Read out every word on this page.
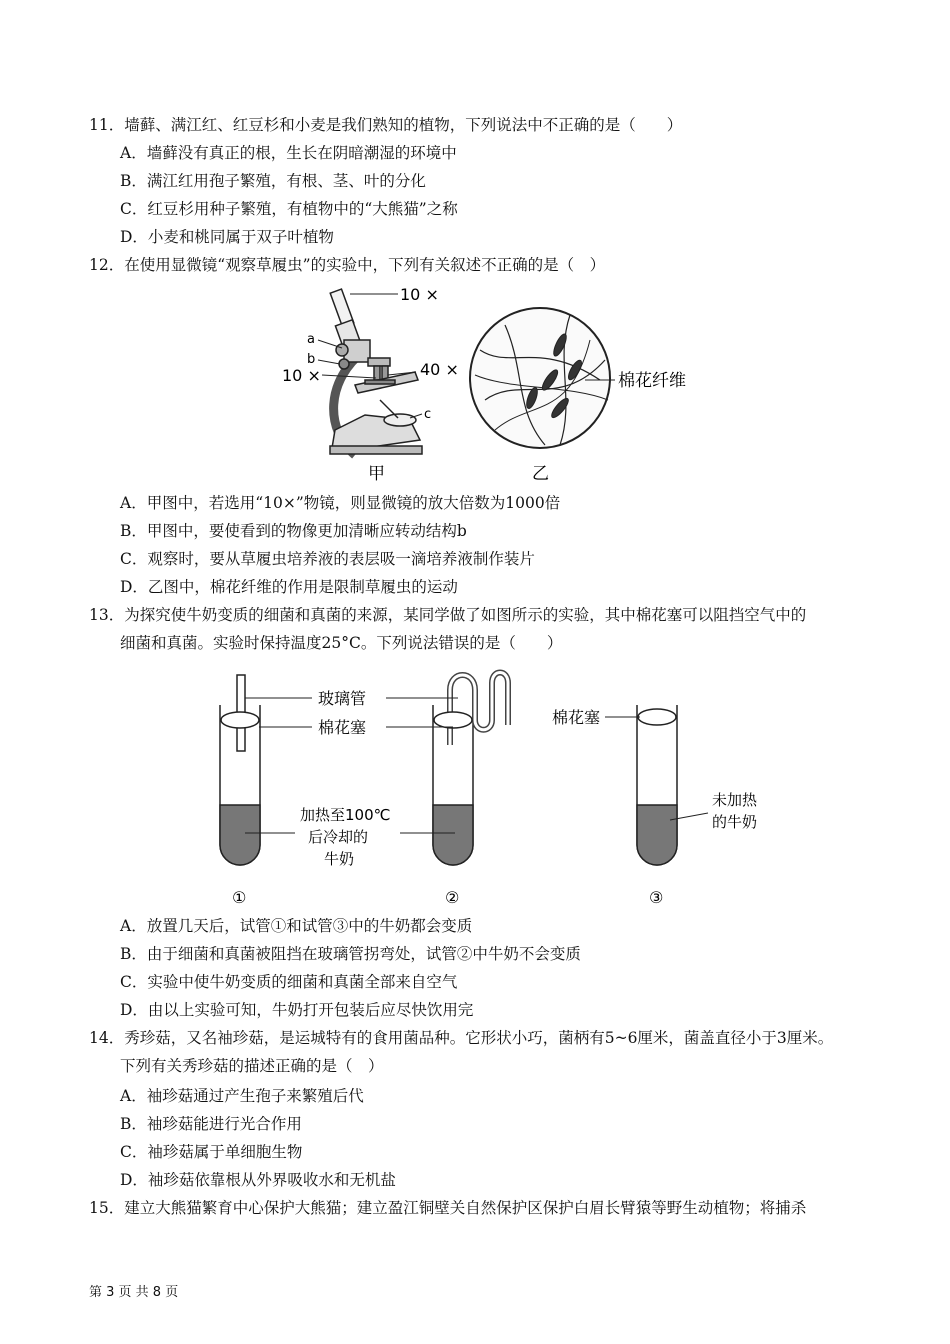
11．墙藓、满江红、红豆杉和小麦是我们熟知的植物，下列说法中不正确的是（　　）
A．墙藓没有真正的根，生长在阴暗潮湿的环境中
B．满江红用孢子繁殖，有根、茎、叶的分化
C．红豆杉用种子繁殖，有植物中的“大熊猫”之称
D．小麦和桃同属于双子叶植物
12．在使用显微镜“观察草履虫”的实验中，下列有关叙述不正确的是（　）
10 ×
a
b
10 ×	40 ×
c
甲
棉花纤维
乙
A．甲图中，若选用“10×”物镜，则显微镜的放大倍数为1000倍
B．甲图中，要使看到的物像更加清晰应转动结构b
C．观察时，要从草履虫培养液的表层吸一滴培养液制作装片
D．乙图中，棉花纤维的作用是限制草履虫的运动
13．为探究使牛奶变质的细菌和真菌的来源，某同学做了如图所示的实验，其中棉花塞可以阻挡空气中的
细菌和真菌。实验时保持温度25°C。下列说法错误的是（　　）
玻璃管
棉花塞
棉花塞
加热至100℃
后冷却的
牛奶
未加热
的牛奶
①	②	③
A．放置几天后，试管①和试管③中的牛奶都会变质
B．由于细菌和真菌被阻挡在玻璃管拐弯处，试管②中牛奶不会变质
C．实验中使牛奶变质的细菌和真菌全部来自空气
D．由以上实验可知，牛奶打开包装后应尽快饮用完
14．秀珍菇，又名袖珍菇，是运城特有的食用菌品种。它形状小巧，菌柄有5~6厘米，菌盖直径小于3厘米。
下列有关秀珍菇的描述正确的是（　）
A．袖珍菇通过产生孢子来繁殖后代
B．袖珍菇能进行光合作用
C．袖珍菇属于单细胞生物
D．袖珍菇依靠根从外界吸收水和无机盐
15．建立大熊猫繁育中心保护大熊猫；建立盈江铜壁关自然保护区保护白眉长臂猿等野生动植物；将捕杀
第 3 页 共 8 页
